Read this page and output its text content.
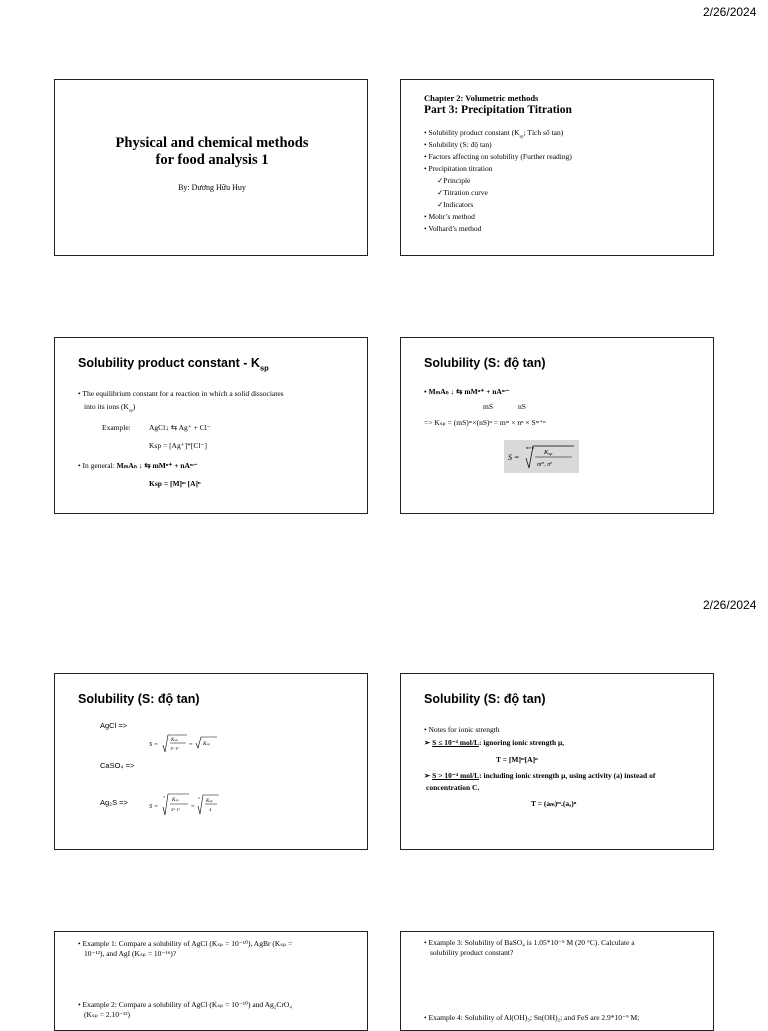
2/26/2024
2/26/2024
Physical and chemical methods
for food analysis 1
By: Dương Hữu Huy
Chapter 2: Volumetric methods
Part 3: Precipitation Titration
• Solubility product constant ($K_{sp}$; Tích số tan)
• Solubility (S: độ tan)
• Factors affecting on solubility (Further reading)
• Precipitation titration
✓Principle
✓Titration curve
✓Indicators
• Mohr’s method
• Volhard’s method
Solubility product constant - $K_{sp}$
• The equilibrium constant for a reaction in which a solid dissociates
into its ions $(K_{sp})$
Example: AgCl↓ ⇆ Ag⁺ + Cl⁻
Ksp = [Ag⁺]*[Cl⁻]
• In general: MₘAₙ ↓ ⇆ mMⁿ⁺ + nAᵐ⁻
Ksp = [M]ᵐ [A]ⁿ
Solubility (S: độ tan)
• MₘAₙ ↓ ⇆ mMⁿ⁺ + nAᵐ⁻
mS	nS
=> Kₛₚ = (mS)ᵐ×(nS)ⁿ = mᵐ × nⁿ × Sᵐ⁺ⁿ
S =
m+n
Ksp
$m^m$. $n^n$
Solubility (S: độ tan)
AgCl =>
S =
Ksp
1¹·1¹
= Ksp
CaSO₄ =>
Ag₂S =>	S =
3
Ksp
2²·1¹ =
3
Ksp
4
Solubility (S: độ tan)
• Notes for ionic strength
➢ S ≤ 10⁻⁴ mol/L: ignoring ionic strength μ,
T = [M]ᵐ[A]ⁿ
➢ S > 10⁻⁴ mol/L: including ionic strength μ, using activity (a) instead of
concentration C.
T = (aₘ)ᵐ.(aₐ)ⁿ
• Example 1: Compare a solubility of AgCl (Kₛₚ = 10⁻¹⁰), AgBr (Kₛₚ =
10⁻¹²), and AgI (Kₛₚ = 10⁻¹⁶)?
• Example 2: Compare a solubility of AgCl (Kₛₚ = 10⁻¹⁰) and Ag₂CrO₄
(Kₛₚ = 2.10⁻¹²)
• Example 3: Solubility of BaSO₄ is 1.05*10⁻⁵ M (20 °C). Calculate a
solubility product constant?
• Example 4: Solubility of Al(OH)₃; Sn(OH)₂; and FeS are 2.9*10⁻⁹ M;
